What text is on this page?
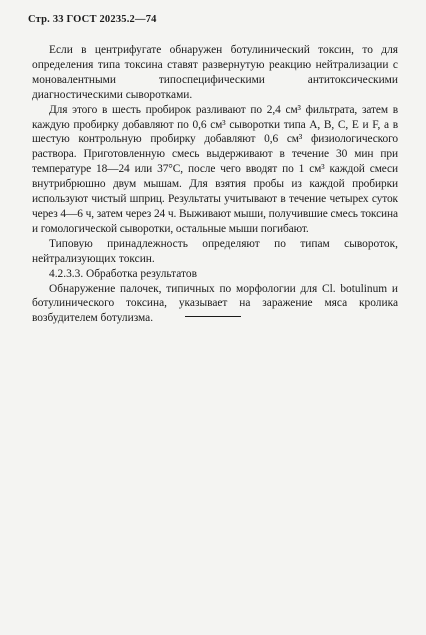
Стр. 33 ГОСТ 20235.2—74

Если в центрифугате обнаружен ботулинический токсин, то для определения типа токсина ставят развернутую реакцию нейтрализации с моновалентными типоспецифическими антитоксическими диагностическими сыворотками.

Для этого в шесть пробирок разливают по 2,4 см³ фильтрата, затем в каждую пробирку добавляют по 0,6 см³ сыворотки типа A, B, C, E и F, а в шестую контрольную пробирку добавляют 0,6 см³ физиологического раствора. Приготовленную смесь выдерживают в течение 30 мин при температуре 18—24 или 37°C, после чего вводят по 1 см³ каждой смеси внутрибрюшно двум мышам. Для взятия пробы из каждой пробирки используют чистый шприц. Результаты учитывают в течение четырех суток через 4—6 ч, затем через 24 ч. Выживают мыши, получившие смесь токсина и гомологической сыворотки, остальные мыши погибают.

Типовую принадлежность определяют по типам сывороток, нейтрализующих токсин.

4.2.3.3. Обработка результатов

Обнаружение палочек, типичных по морфологии для Cl. botulinum и ботулинического токсина, указывает на заражение мяса кролика возбудителем ботулизма.
